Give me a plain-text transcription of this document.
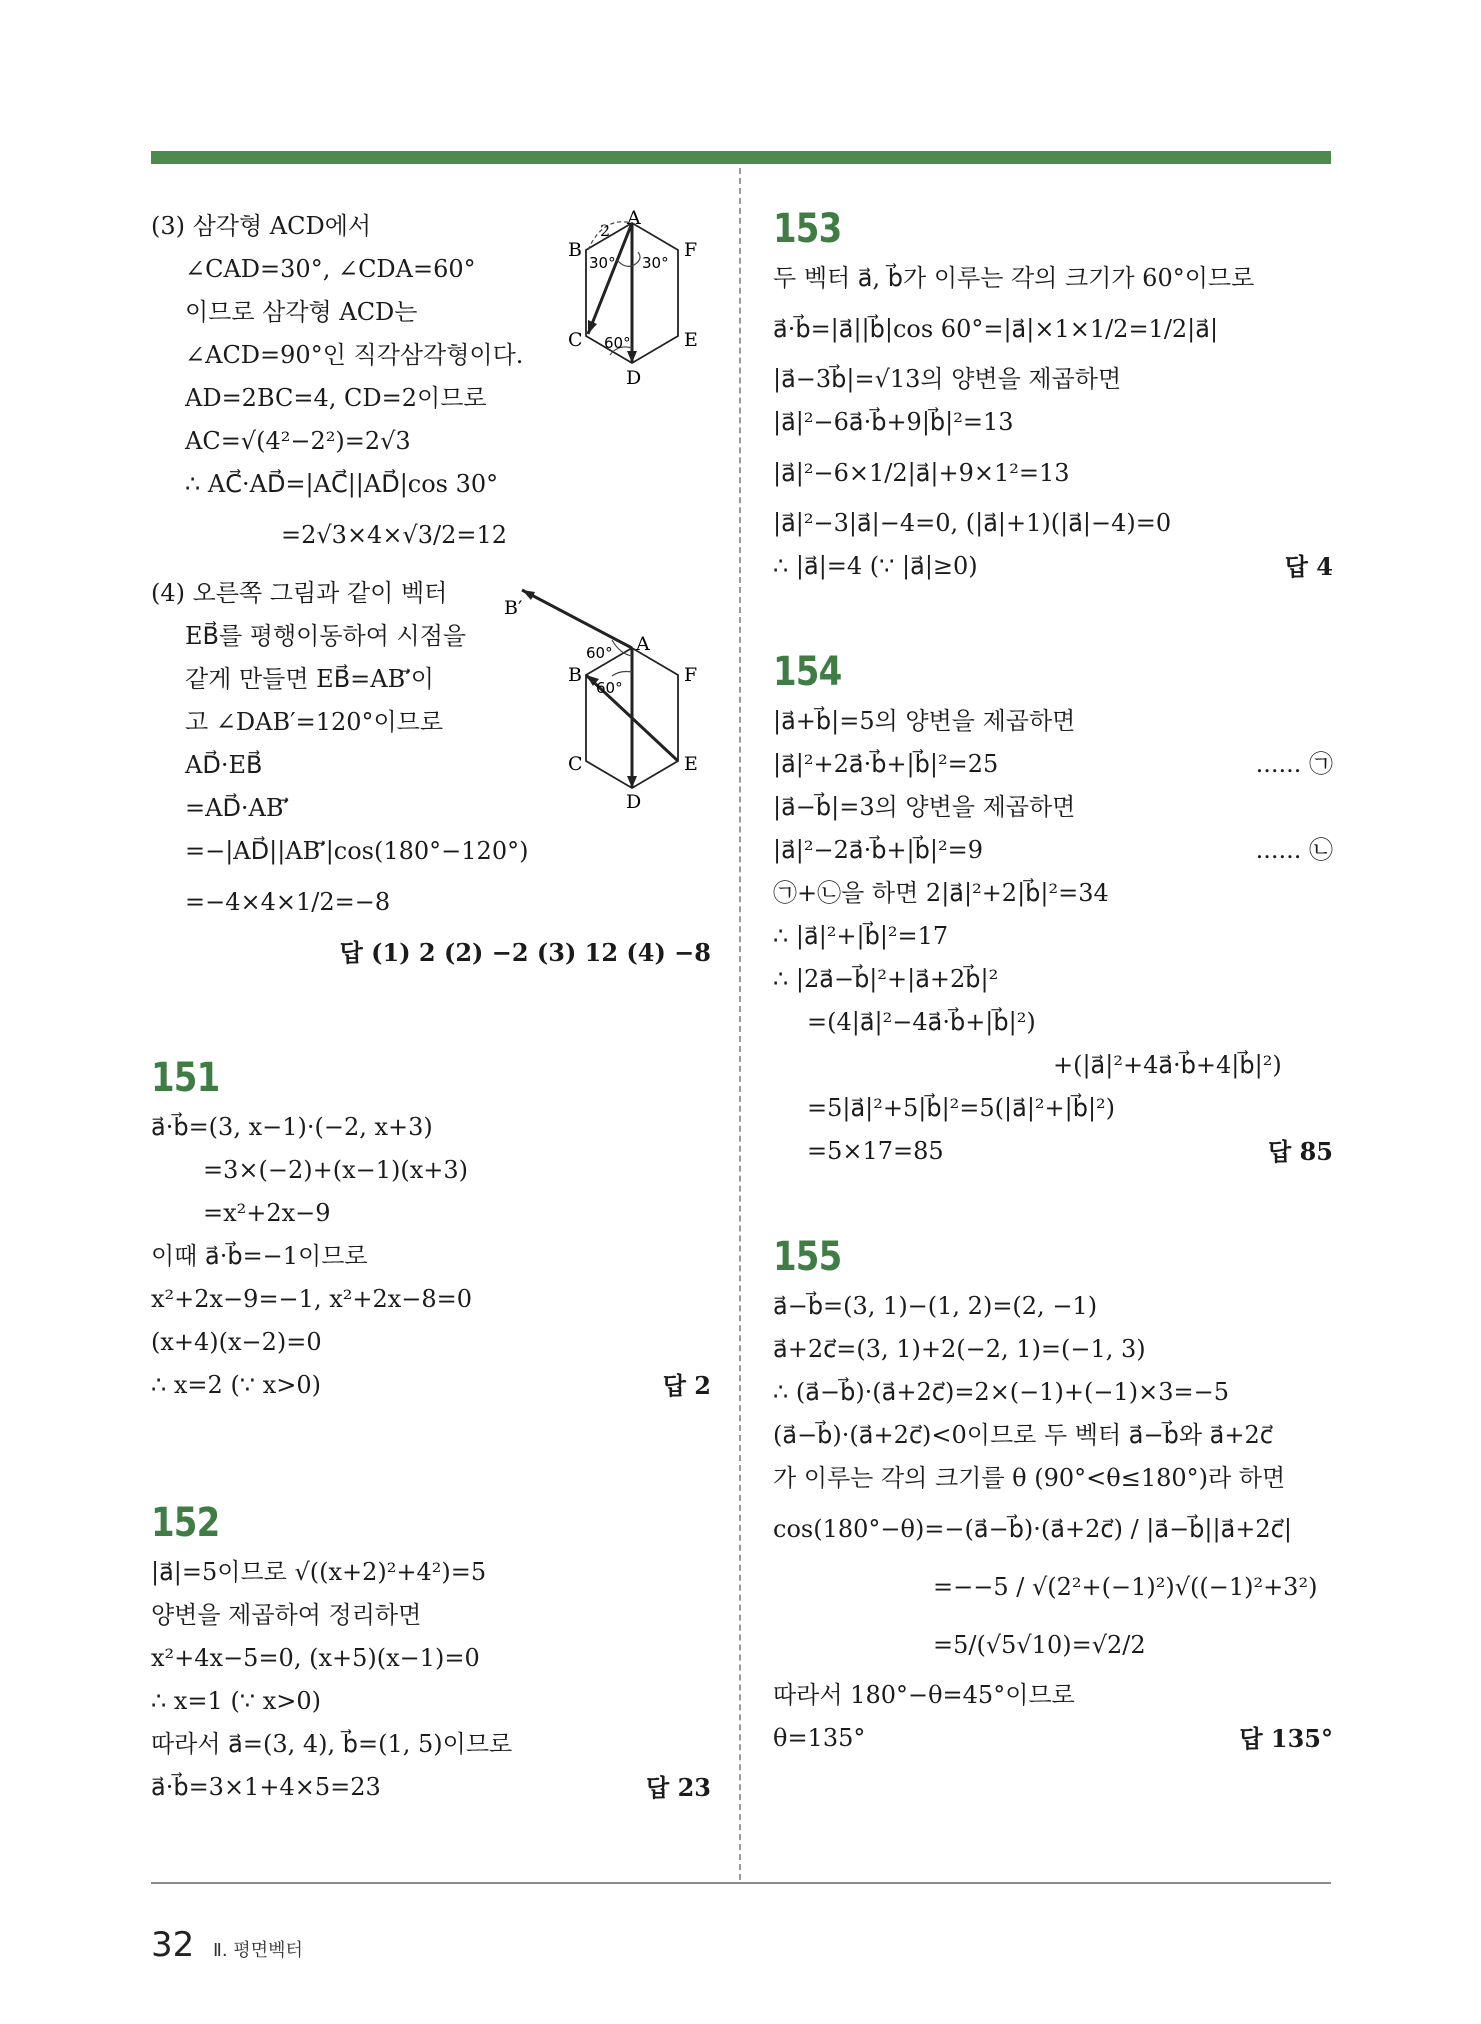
(3) 삼각형 ACD에서
∠CAD=30°, ∠CDA=60°
이므로 삼각형 ACD는
∠ACD=90°인 직각삼각형이다.
AD=2BC=4, CD=2이므로
AC=√(4²−2²)=2√3
∴ AC⃗·AD⃗=|AC⃗||AD⃗|cos 30°
=2√3×4×√3/2=12
(4) 오른쪽 그림과 같이 벡터
EB⃗를 평행이동하여 시점을
같게 만들면 EB⃗=AB′⃗이
고 ∠DAB′=120°이므로
AD⃗·EB⃗
=AD⃗·AB′⃗
=−|AD⃗||AB′⃗|cos(180°−120°)
=−4×4×1/2=−8
답 (1) 2 (2) −2 (3) 12 (4) −8
151
a⃗·b⃗=(3, x−1)·(−2, x+3)
=3×(−2)+(x−1)(x+3)
=x²+2x−9
이때 a⃗·b⃗=−1이므로
x²+2x−9=−1, x²+2x−8=0
(x+4)(x−2)=0
∴ x=2 (∵ x>0)	답 2
152
|a⃗|=5이므로 √((x+2)²+4²)=5
양변을 제곱하여 정리하면
x²+4x−5=0, (x+5)(x−1)=0
∴ x=1 (∵ x>0)
따라서 a⃗=(3, 4), b⃗=(1, 5)이므로
a⃗·b⃗=3×1+4×5=23	답 23
A
B
C
D
E
F
2
30° 30°
60°
A
B
C
D
E
F
B′
60°
60°
153
두 벡터 a⃗, b⃗가 이루는 각의 크기가 60°이므로
a⃗·b⃗=|a⃗||b⃗|cos 60°=|a⃗|×1×1/2=1/2|a⃗|
|a⃗−3b⃗|=√13의 양변을 제곱하면
|a⃗|²−6a⃗·b⃗+9|b⃗|²=13
|a⃗|²−6×1/2|a⃗|+9×1²=13
|a⃗|²−3|a⃗|−4=0, (|a⃗|+1)(|a⃗|−4)=0
∴ |a⃗|=4 (∵ |a⃗|≥0)	답 4
154
|a⃗+b⃗|=5의 양변을 제곱하면
|a⃗|²+2a⃗·b⃗+|b⃗|²=25	...... ㉠
|a⃗−b⃗|=3의 양변을 제곱하면
|a⃗|²−2a⃗·b⃗+|b⃗|²=9	...... ㉡
㉠+㉡을 하면 2|a⃗|²+2|b⃗|²=34
∴ |a⃗|²+|b⃗|²=17
∴ |2a⃗−b⃗|²+|a⃗+2b⃗|²
=(4|a⃗|²−4a⃗·b⃗+|b⃗|²)
+(|a⃗|²+4a⃗·b⃗+4|b⃗|²)
=5|a⃗|²+5|b⃗|²=5(|a⃗|²+|b⃗|²)
=5×17=85	답 85
155
a⃗−b⃗=(3, 1)−(1, 2)=(2, −1)
a⃗+2c⃗=(3, 1)+2(−2, 1)=(−1, 3)
∴ (a⃗−b⃗)·(a⃗+2c⃗)=2×(−1)+(−1)×3=−5
(a⃗−b⃗)·(a⃗+2c⃗)<0이므로 두 벡터 a⃗−b⃗와 a⃗+2c⃗
가 이루는 각의 크기를 θ (90°<θ≤180°)라 하면
cos(180°−θ)=−(a⃗−b⃗)·(a⃗+2c⃗) / |a⃗−b⃗||a⃗+2c⃗|
=−−5 / √(2²+(−1)²)√((−1)²+3²)
=5/(√5√10)=√2/2
따라서 180°−θ=45°이므로
θ=135°	답 135°
32 Ⅱ. 평면벡터
